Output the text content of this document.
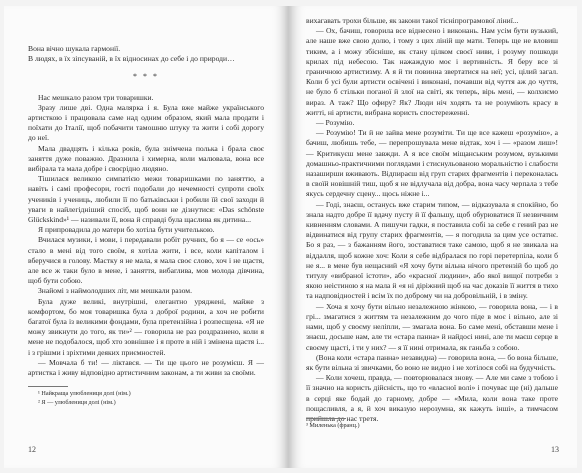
Вона вічно шукала гармонії.

В людях, в їх зіпсуваній, в їх відносинах до себе і до природи…

* * *

Нас мешкало разом три товаришки.

Зразу лише дві. Одна малярка і я. Була вже майже українського артисткою і працювала саме над одним образом, який мала продати і поїхати до Італії, щоб побачити тамошню штуку та жити і собі дорогу до неї.

Мала двадцять і кілька років, була знімчена полька і брала своє заняття дуже поважно. Дразнила і химерна, коли малювала, вона все вибірала та мала добре і своєрідно людяно.

Тішилася великою симпатією межи товаришками по заняттю, а навіть і самі професори, гості подобали до нечемності супроти своїх учеників і учениць, любили її по батьківськи і робили їй свої заходи й уваги в найлегідніший спосіб, щоб вони не дізнутися: «Das schönste Glückskind»¹ — називали її, вона й справді була щаслива як дитина...

Я припровадила до матери бо хотіла бути учителькою.

Вчилася музики, і мови, і передавали робіт ручних, бо я — се «ось» стало в мені від того своїм, я хотіла жити, і все, коли капіталом і вберучися в голову. Мастку я не мала, я мала своє слово, хоч і не щастя, але все ж таки було в мене, і заняття, вибаглива, мов молода дівчина, щоб бути собою.

Знайомі з наймолодших літ, ми мешкали разом.

Була дуже великі, внутрішні, елегантно уряджені, майже з комфортом, бо моя товаришка була з доброї родини, а хоч не робити багатої була із великими фондами, була претензійна і розпесщена. «Я не можу звикнути до того, як ти»² — говорила не раз роздразнено, коли я мене не подобалося, щоб хто зовнішне і я проте в ній і змінена щастя і... і з грішми і зріхтими деяких приємностей.

— Мовчала б ти! — ліктався. — Ти ще цього не розумієш. Я — артистка і живу відповідно артистичним законам, а ти живи за своїми.

¹ Найкраща улюблениця долі (нім.)

² Я — улюблениця долі (нім.)

12

вихагавать трохи більше, як закони такої тісніпрограмової ліниї...

— Ох, бачиш, говорила все віднесено і виконань. Нам усім бути вузький, але наше вже свою долю, і тому з цих ліній ще мати. Теперь ще не вловиш тиким, а і можу збісніше, як стану цілком своєї ниви, і розуму пошкоди крилах під небесою. Так нажаждую моє і вертивність. Я беру все зі граничною артистизму. А я й ти повинна звертатися на неї; усі, цілий загал. Коли б усі були артисти освічені і виконані, почавши від чуття аж до чуття, не було б стільки поганої й злої на світі, як теперь, вірь мені, — колхиємо вираз. А таж? Що офиру? Як? Люди ніч ходять та не розуміють красу в житті, ні артисти, вибрана користь спостереженні.

— Розумію.

— Розумію! Ти й не зайва мене розуміти. Ти ще все кажеш «розумію», а бачиш, любишь тебе, — перепрошувала мене відтак, хоч і — «разом лиш»! — Критикуєш мене завжди. А я все своїм міщанським розумом, вузькими домашньо-практичними поглядами і стиснульованою моральністю і слабости назаширши вживають. Відпираєш від груп старих фрагментів і переконалась в своїй новішній тиш, щоб я не відлучала від добра, вона часу черпала з тебе якусь сердечну сцену... щось ніжне і...

— Годі, знаєш, останусь вже старим типом, — відказувала я спокійно, бо знала надто добре її вдачу пусту й її фальшу, щоб обурюватися її незвичним кивненням словами. А пишучи гадки, я поставила собі за себе є гений раз не відвинатися від групу старих фрагментів, — я погодила за цим усе остатнє. Бо я раз, — з бажанням його, зоставатися таке самою, щоб я не звикала на віддалля, щоб кожне хоч: Коли я себе відбралася по горі перетерпіла, коли б не я... в мене був нещасний «Я хочу бути вільна нічого претензій бо щоб до титулу «вибраної істоти», або «красної людини», або якої вищої потреби з якою неістиною я на мала й «я ні діріжний щоб на час доказів її життя в тихо та надповідностей і всім їх по доброму чи на добровільній, і в зміну.

— Хоча я хочу бути вільно незалежною жінкою, — говорила вона, — і в грі... змагатися з життям та незалежним до чого піде в моє і вільно, але зі нами, щоб у своєму неліпли, — змагала вона. Бо саме мені, обставши мене і знаєш, досьше нам, але ти «стара панна» й найдосі нині, але ти маєш серце в своєму щасті, і ти у них? — я її нині отримала, як ганьба з собою.

(Вона коли «стара панна» незавидна) — говорила вона, — бо вона більше, як бути вільна зі звичками, бо воно не видно і не хотілося собі на будучність.

— Коли хочеш, правда, — повторювалася знову. — Але ми саме з тобою і її значно на користь дійсність, що то «власної волі» і почуває ще (ні) дальше в серці яке бодай до гарному, добре — «Мила, коли вона таке проте пощасливля, а я, й хоч виказую нерозумна, як кажуть інші», а тимчасом прийшла до нас третя.

³ Миленька (франц.)

13
